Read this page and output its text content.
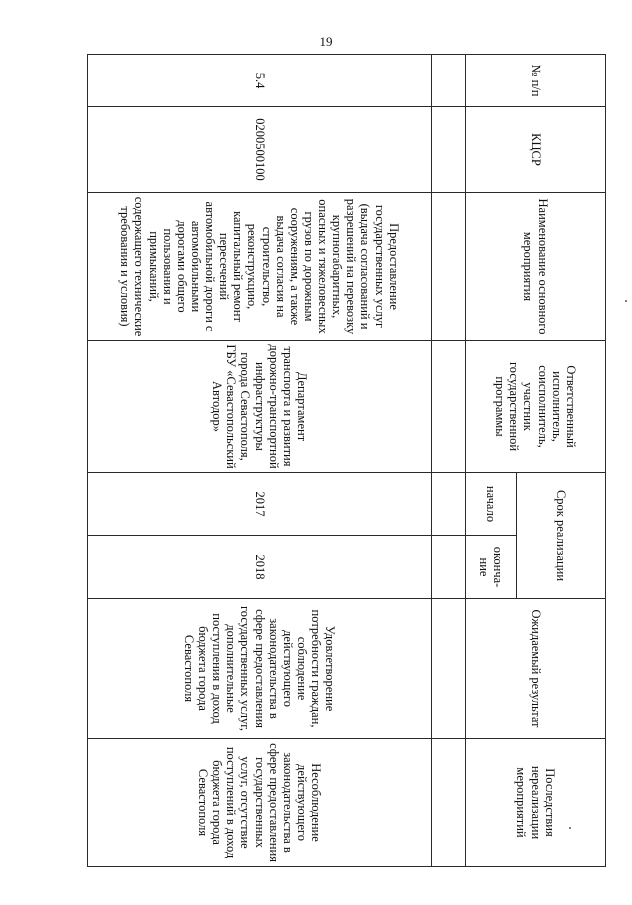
19
№ п/п	КЦСР	Наименование основного мероприятия	Ответственный исполнитель, соисполнитель, участник государственной программы	Срок реализации		Ожидаемый результат	Последствия нереализации мероприятий
				начало	оконча-ние		

5.4	0200500100	Предоставление государственных услуг (выдача согласований и разрешений на перевозку крупногабаритных, опасных и тяжеловесных грузов по дорожным сооружениям, а также выдача согласия на строительство, реконструкцию, капитальный ремонт пересечений автомобильной дороги с автомобильными дорогами общего пользования и примыканий, содержащего технические требования и условия)	Департамент транспорта и развития дорожно-транспортной инфраструктуры города Севастополя, ГБУ «Севастопольский Автодор»	2017	2018	Удовлетворение потребности граждан, соблюдение действующего законодательства в сфере предоставления государственных услуг, дополнительные поступления в доход бюджета города Севастополя	Несоблюдение действующего законодательства в сфере предоставления государственных услуг, отсутствие поступлений в доход бюджета города Севастополя
